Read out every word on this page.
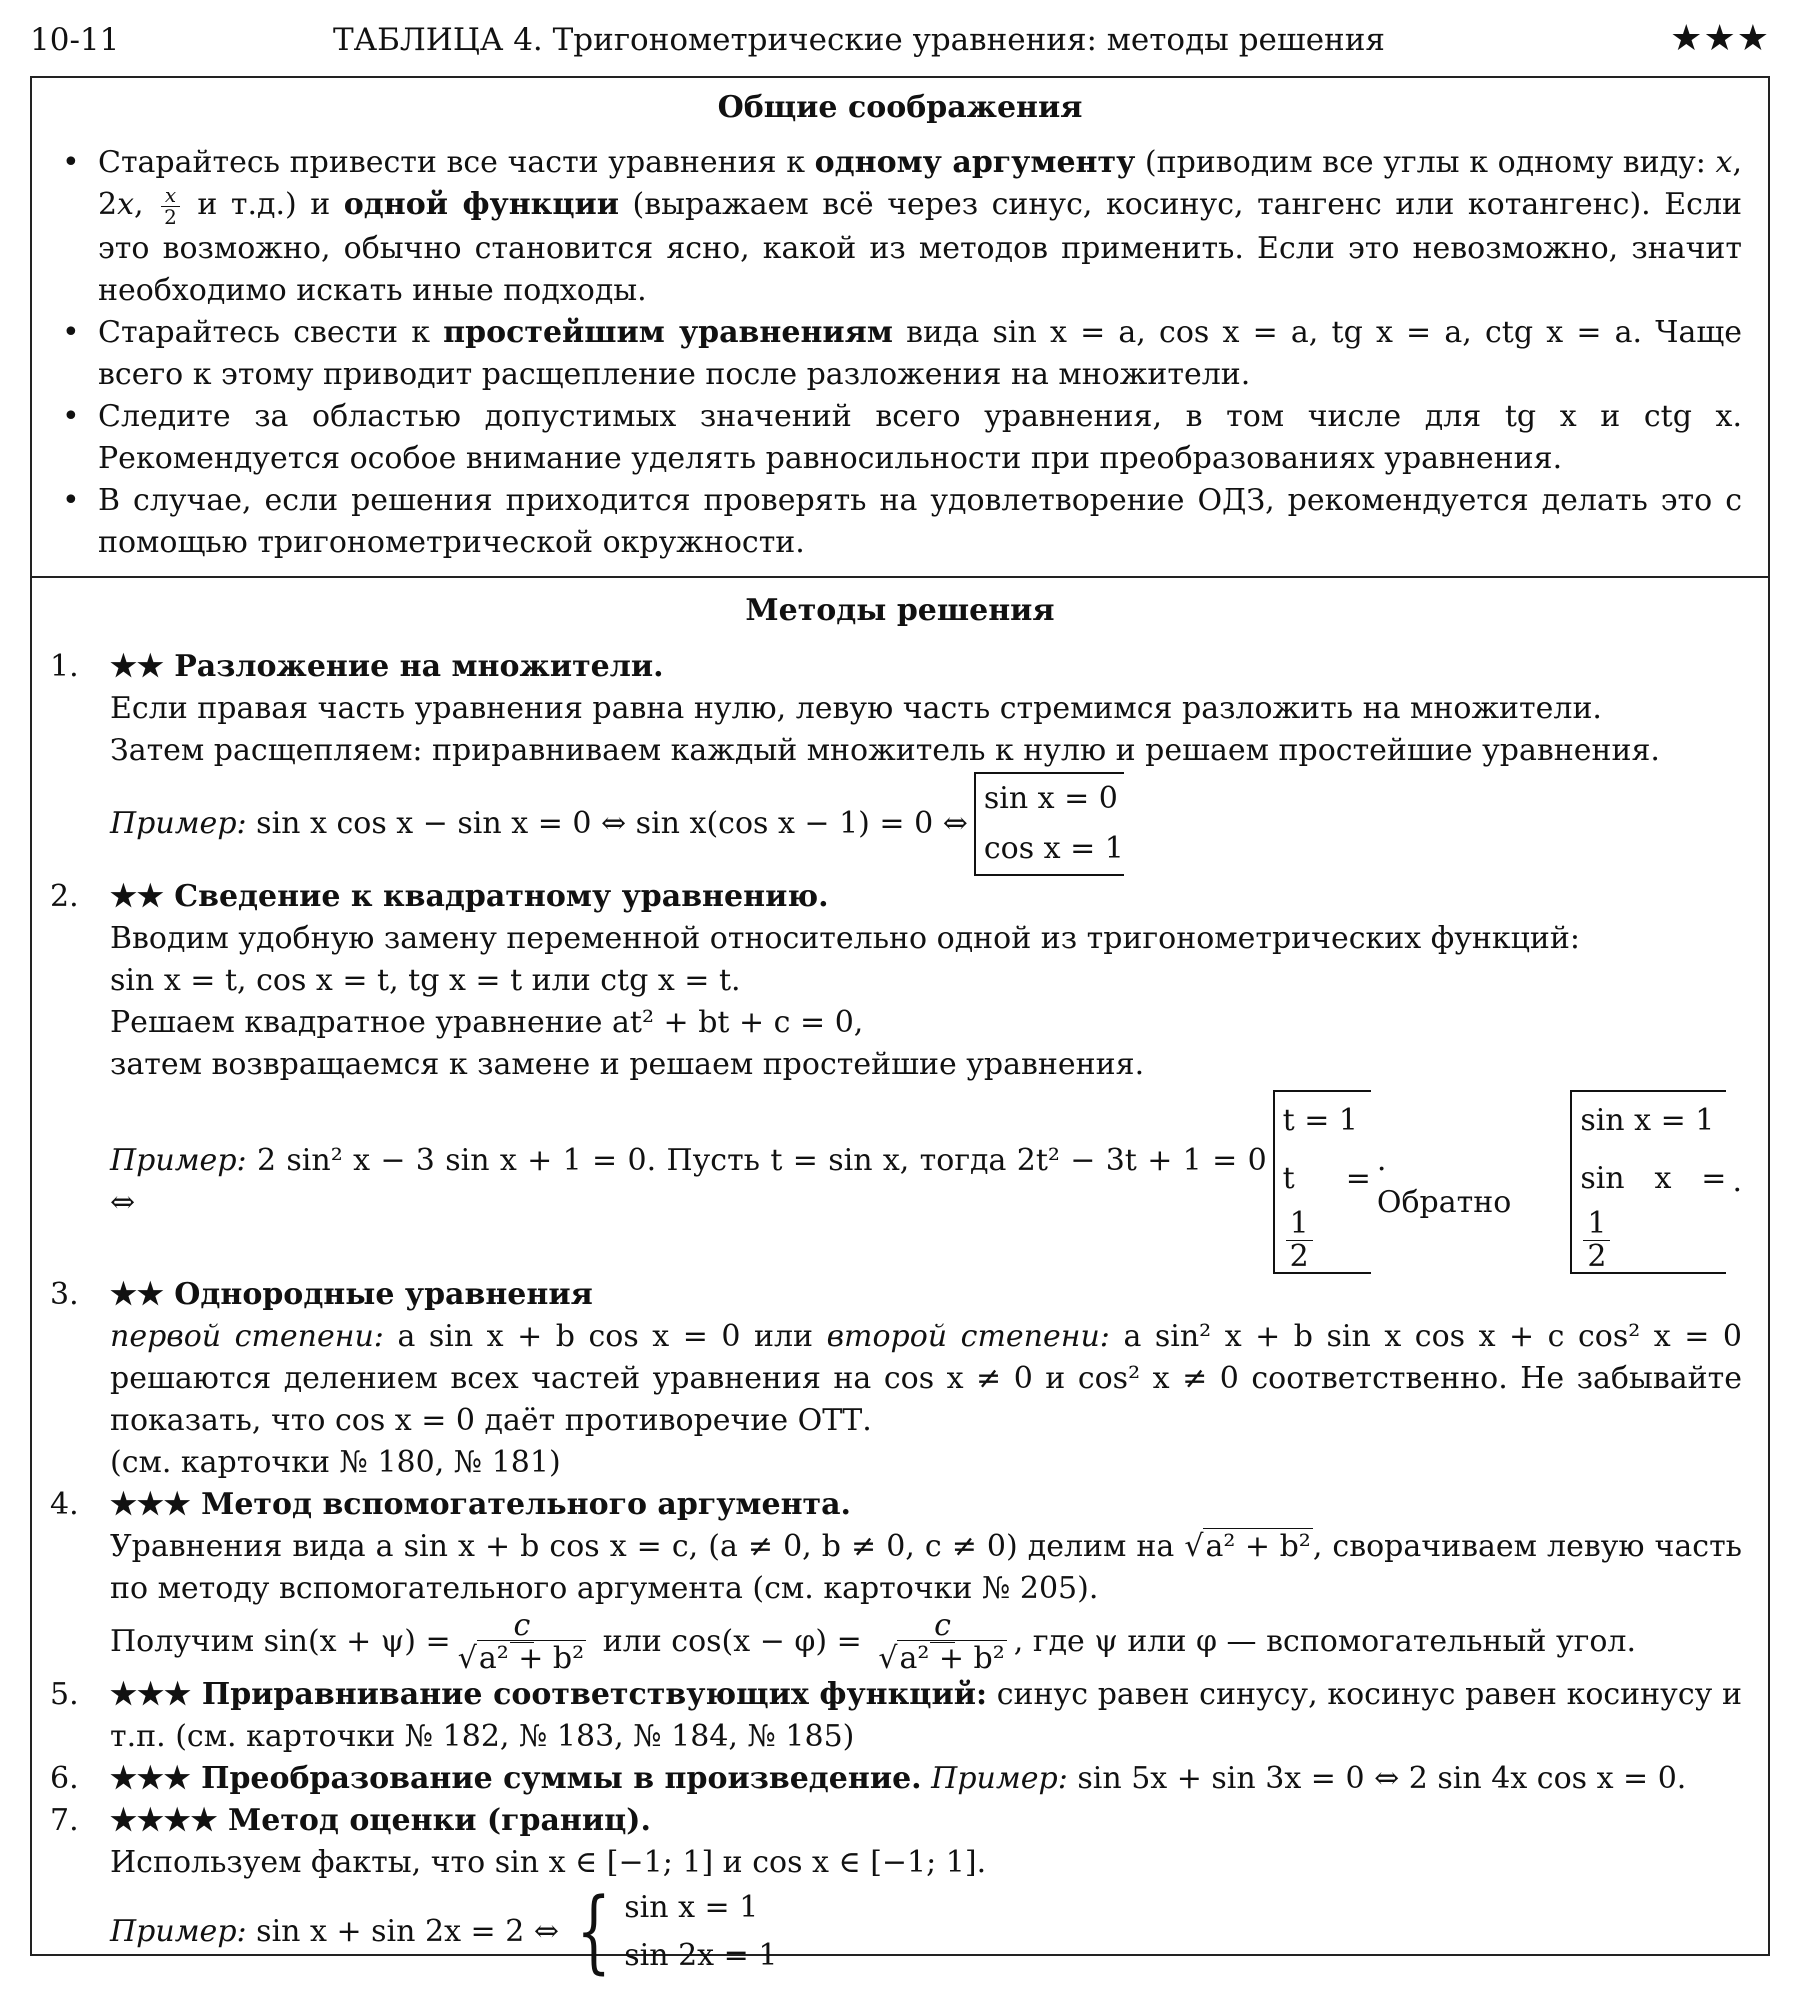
10-11	ТАБЛИЦА 4. Тригонометрические уравнения: методы решения	★★★
Общие соображения
• Старайтесь привести все части уравнения к одному аргументу (приводим все углы к одному виду: x, 2x, $\frac{x}{2}$ и т.д.) и одной функции (выражаем всё через синус, косинус, тангенс или котангенс). Если это возможно, обычно становится ясно, какой из методов применить. Если это невозможно, значит необходимо искать иные подходы.
• Старайтесь свести к простейшим уравнениям вида sin x = a, cos x = a, tg x = a, ctg x = a. Чаще всего к этому приводит расщепление после разложения на множители.
• Следите за областью допустимых значений всего уравнения, в том числе для tg x и ctg x. Рекомендуется особое внимание уделять равносильности при преобразованиях уравнения.
• В случае, если решения приходится проверять на удовлетворение ОДЗ, рекомендуется делать это с помощью тригонометрической окружности.
Методы решения
1. ★★ Разложение на множители.
Если правая часть уравнения равна нулю, левую часть стремимся разложить на множители.
Затем расщепляем: приравниваем каждый множитель к нулю и решаем простейшие уравнения.
Пример: sin x cos x − sin x = 0 ⇔ sin x(cos x − 1) = 0 ⇔
sin x = 0
cos x = 1
2. ★★ Сведение к квадратному уравнению.
Вводим удобную замену переменной относительно одной из тригонометрических функций:
sin x = t, cos x = t, tg x = t или ctg x = t.
Решаем квадратное уравнение at² + bt + c = 0,
затем возвращаемся к замене и решаем простейшие уравнения.
Пример: 2 sin² x − 3 sin x + 1 = 0. Пусть t = sin x, тогда 2t² − 3t + 1 = 0 ⇔
t = 1
t =
$\frac{1}{2}$
. Обратно
sin x = 1
sin x =
$\frac{1}{2}$
.
3. ★★ Однородные уравнения
первой степени: a sin x + b cos x = 0 или второй степени: a sin² x + b sin x cos x + c cos² x = 0 решаются делением всех частей уравнения на cos x ≠ 0 и cos² x ≠ 0 соответственно. Не забывайте показать, что cos x = 0 даёт противоречие ОТТ.
(см. карточки № 180, № 181)
4. ★★★ Метод вспомогательного аргумента.
Уравнения вида a sin x + b cos x = c, (a ≠ 0, b ≠ 0, c ≠ 0) делим на √a² + b², сворачиваем левую часть по методу вспомогательного аргумента (см. карточки № 205).
Получим $\sin(x + \psi) = \frac{c}{\text{√a² + b²}}$ или $\cos(x - \varphi) = \frac{c}{\text{√a² + b²}}$ , где ψ или φ — вспомогательный угол.
5. ★★★ Приравнивание соответствующих функций: синус равен синусу, косинус равен косинусу и т.п. (см. карточки № 182, № 183, № 184, № 185)
6. ★★★ Преобразование суммы в произведение. Пример: sin 5x + sin 3x = 0 ⇔ 2 sin 4x cos x = 0.
7. ★★★★ Метод оценки (границ).
Используем факты, что sin x ∈ [−1; 1] и cos x ∈ [−1; 1].
Пример: sin x + sin 2x = 2 ⇔ { sin x = 1
sin 2x = 1
